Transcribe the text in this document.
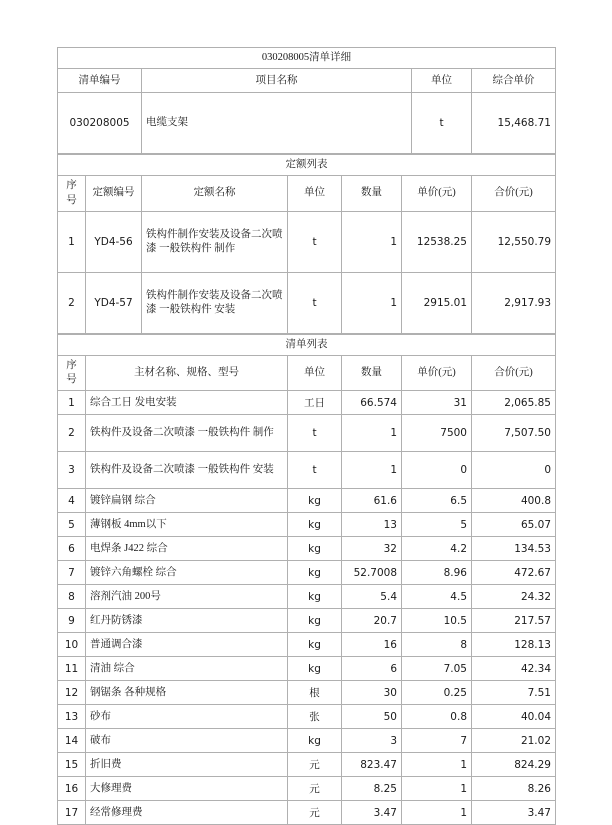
030208005清单详细			
清单编号	项目名称	单位	综合单价
030208005	电缆支架	t	15,468.71
定额列表						
序号	定额编号	定额名称	单位	数量	单价(元)	合价(元)
1	YD4-56	铁构件制作安装及设备二次喷漆 一般铁构件 制作	t	1	12538.25	12,550.79
2	YD4-57	铁构件制作安装及设备二次喷漆 一般铁构件 安装	t	1	2915.01	2,917.93
清单列表					
序号	主材名称、规格、型号	单位	数量	单价(元)	合价(元)
1	综合工日 发电安装	工日	66.574	31	2,065.85
2	铁构件及设备二次喷漆 一般铁构件 制作	t	1	7500	7,507.50
3	铁构件及设备二次喷漆 一般铁构件 安装	t	1	0	0
4	镀锌扁钢 综合	kg	61.6	6.5	400.8
5	薄钢板 4mm以下	kg	13	5	65.07
6	电焊条 J422 综合	kg	32	4.2	134.53
7	镀锌六角螺栓 综合	kg	52.7008	8.96	472.67
8	溶剂汽油 200号	kg	5.4	4.5	24.32
9	红丹防锈漆	kg	20.7	10.5	217.57
10	普通调合漆	kg	16	8	128.13
11	清油 综合	kg	6	7.05	42.34
12	钢锯条 各种规格	根	30	0.25	7.51
13	砂布	张	50	0.8	40.04
14	破布	kg	3	7	21.02
15	折旧费	元	823.47	1	824.29
16	大修理费	元	8.25	1	8.26
17	经常修理费	元	3.47	1	3.47
